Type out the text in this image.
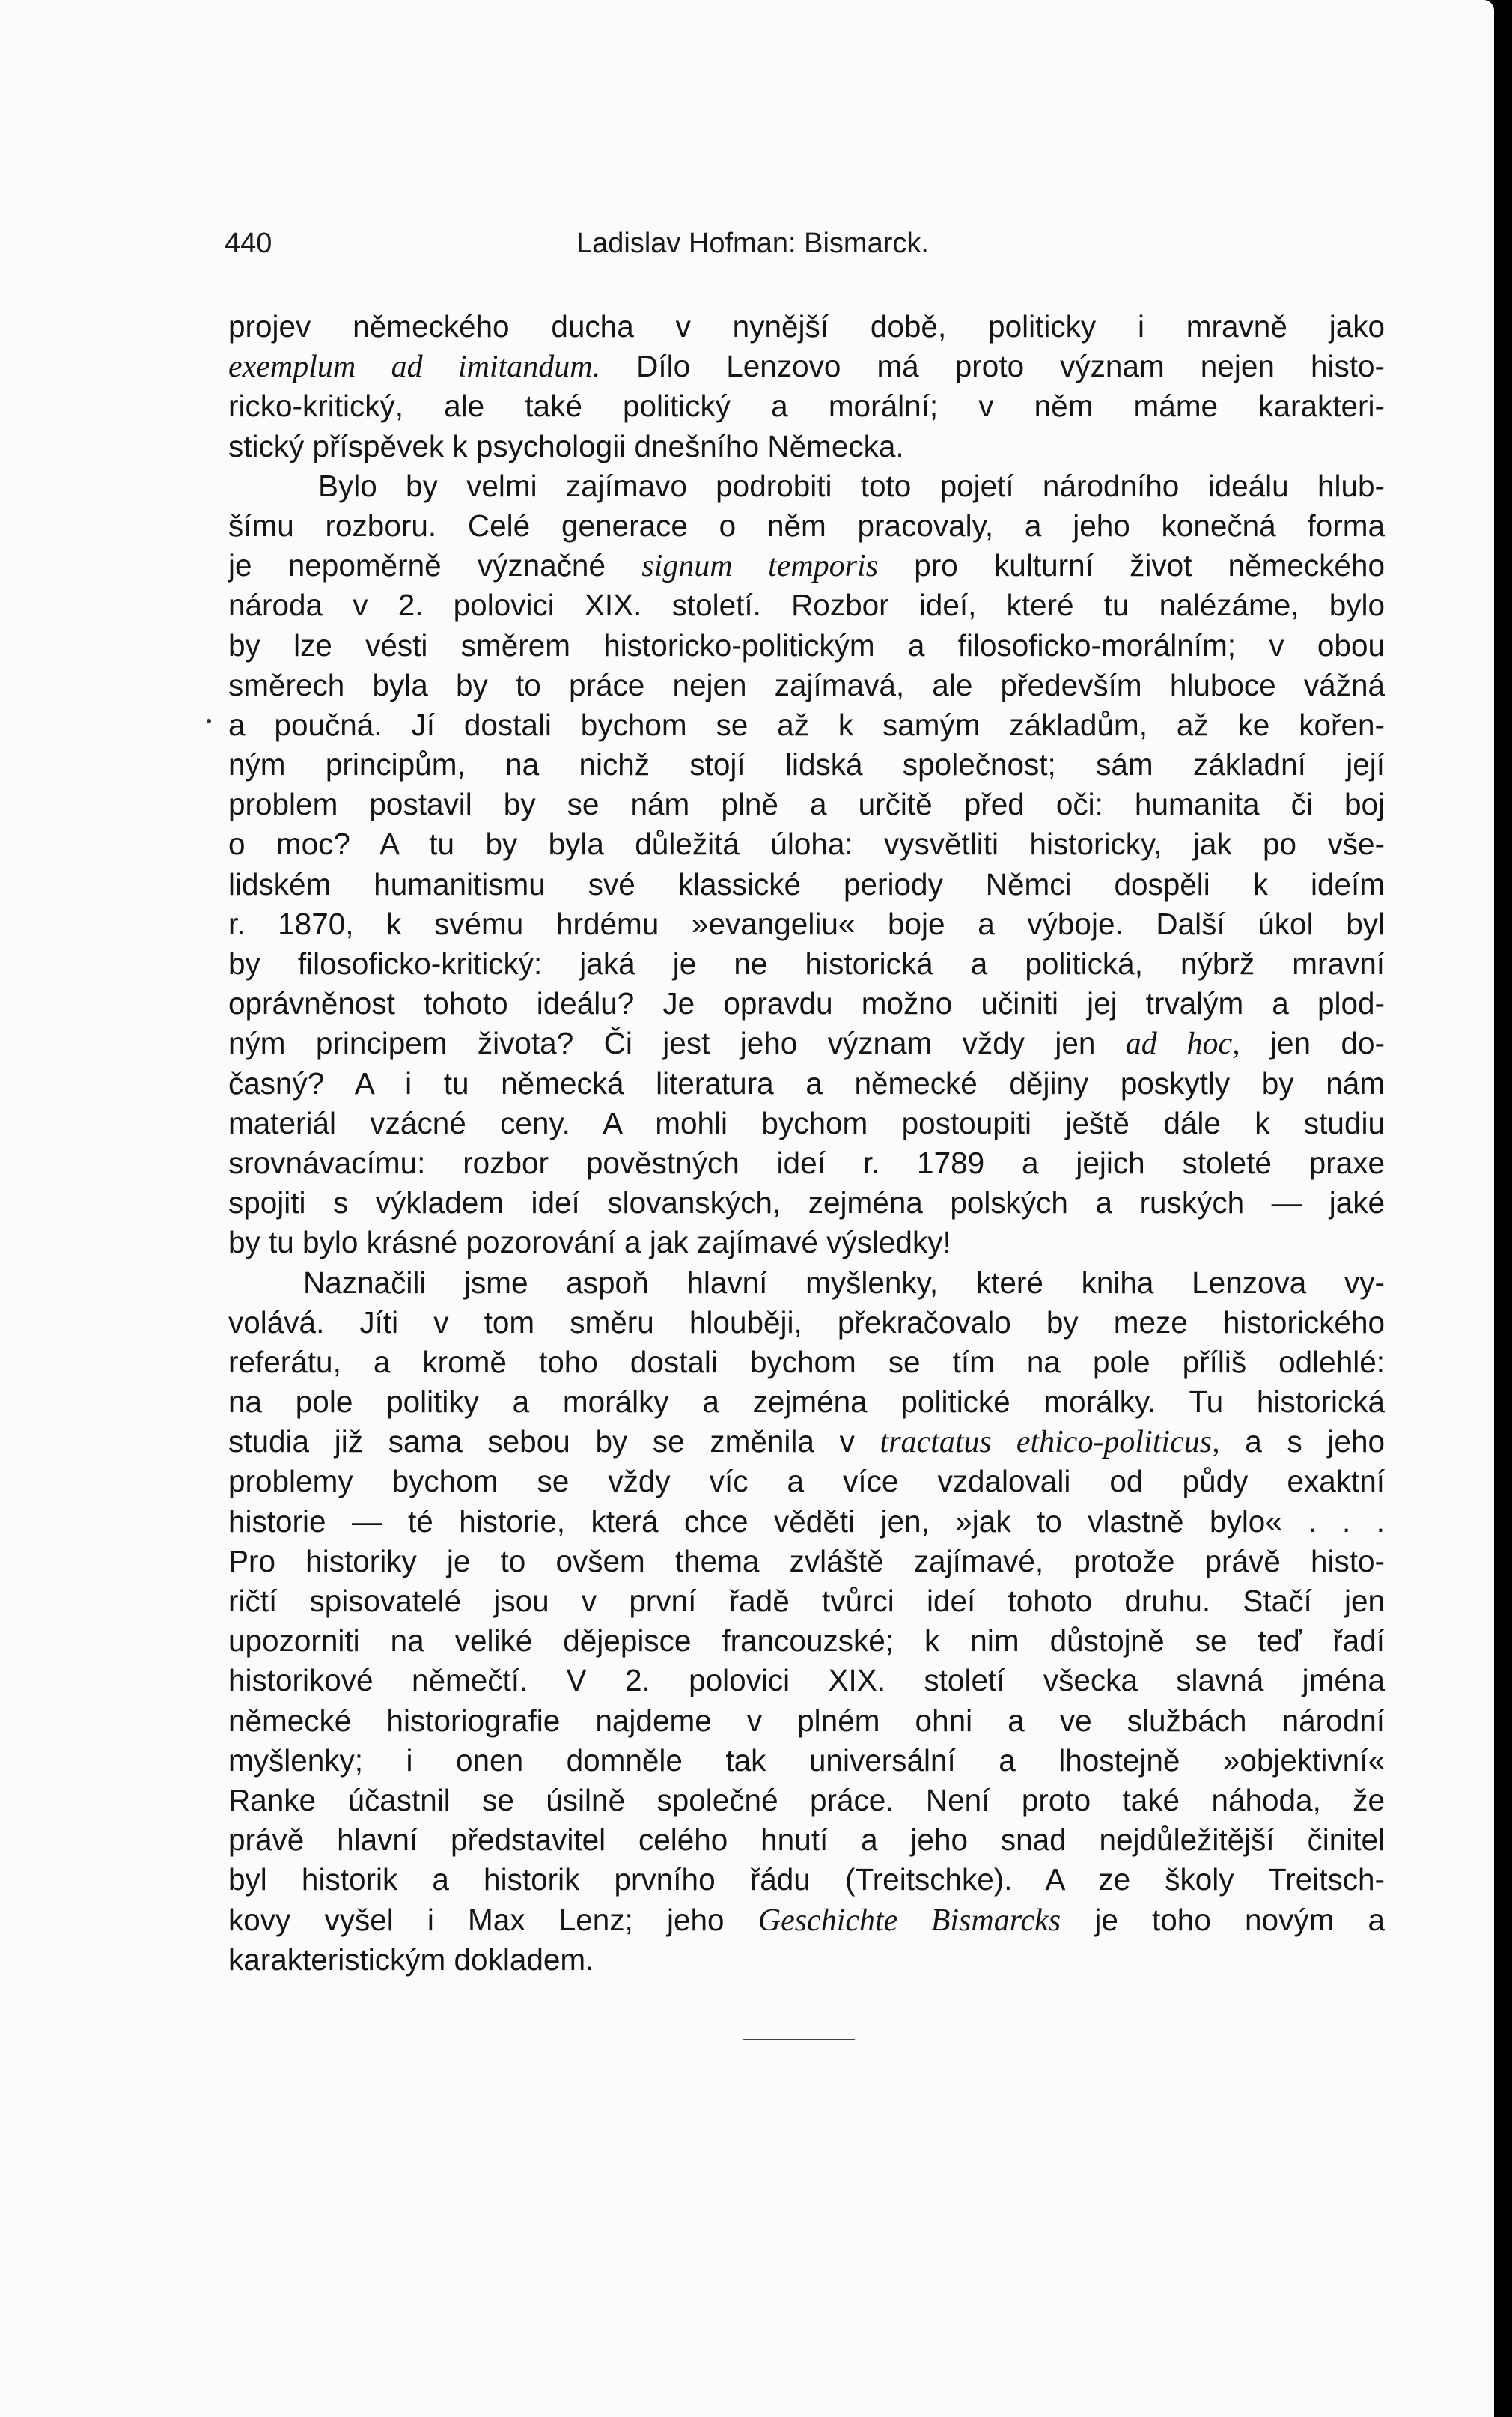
440	Ladislav Hofman: Bismarck.
projev německého ducha v nynější době, politicky i mravně jako
exemplum ad imitandum. Dílo Lenzovo má proto význam nejen histo-
ricko-kritický, ale také politický a morální; v něm máme karakteri-
stický příspěvek k psychologii dnešního Německa.
Bylo by velmi zajímavo podrobiti toto pojetí národního ideálu hlub-
šímu rozboru. Celé generace o něm pracovaly, a jeho konečná forma
je nepoměrně význačné signum temporis pro kulturní život německého
národa v 2. polovici XIX. století. Rozbor ideí, které tu nalézáme, bylo
by lze vésti směrem historicko-politickým a filosoficko-morálním; v obou
směrech byla by to práce nejen zajímavá, ale především hluboce vážná
a poučná. Jí dostali bychom se až k samým základům, až ke kořen-
ným principům, na nichž stojí lidská společnost; sám základní její
problem postavil by se nám plně a určitě před oči: humanita či boj
o moc? A tu by byla důležitá úloha: vysvětliti historicky, jak po vše-
lidském humanitismu své klassické periody Němci dospěli k ideím
r. 1870, k svému hrdému »evangeliu« boje a výboje. Další úkol byl
by filosoficko-kritický: jaká je ne historická a politická, nýbrž mravní
oprávněnost tohoto ideálu? Je opravdu možno učiniti jej trvalým a plod-
ným principem života? Či jest jeho význam vždy jen ad hoc, jen do-
časný? A i tu německá literatura a německé dějiny poskytly by nám
materiál vzácné ceny. A mohli bychom postoupiti ještě dále k studiu
srovnávacímu: rozbor pověstných ideí r. 1789 a jejich stoleté praxe
spojiti s výkladem ideí slovanských, zejména polských a ruských — jaké
by tu bylo krásné pozorování a jak zajímavé výsledky!
Naznačili jsme aspoň hlavní myšlenky, které kniha Lenzova vy-
volává. Jíti v tom směru hlouběji, překračovalo by meze historického
referátu, a kromě toho dostali bychom se tím na pole příliš odlehlé:
na pole politiky a morálky a zejména politické morálky. Tu historická
studia již sama sebou by se změnila v tractatus ethico-politicus, a s jeho
problemy bychom se vždy víc a více vzdalovali od půdy exaktní
historie — té historie, která chce věděti jen, »jak to vlastně bylo« . . .
Pro historiky je to ovšem thema zvláště zajímavé, protože právě histo-
ričtí spisovatelé jsou v první řadě tvůrci ideí tohoto druhu. Stačí jen
upozorniti na veliké dějepisce francouzské; k nim důstojně se teď řadí
historikové němečtí. V 2. polovici XIX. století všecka slavná jména
německé historiografie najdeme v plném ohni a ve službách národní
myšlenky; i onen domněle tak universální a lhostejně »objektivní«
Ranke účastnil se úsilně společné práce. Není proto také náhoda, že
právě hlavní představitel celého hnutí a jeho snad nejdůležitější činitel
byl historik a historik prvního řádu (Treitschke). A ze školy Treitsch-
kovy vyšel i Max Lenz; jeho Geschichte Bismarcks je toho novým a
karakteristickým dokladem.
